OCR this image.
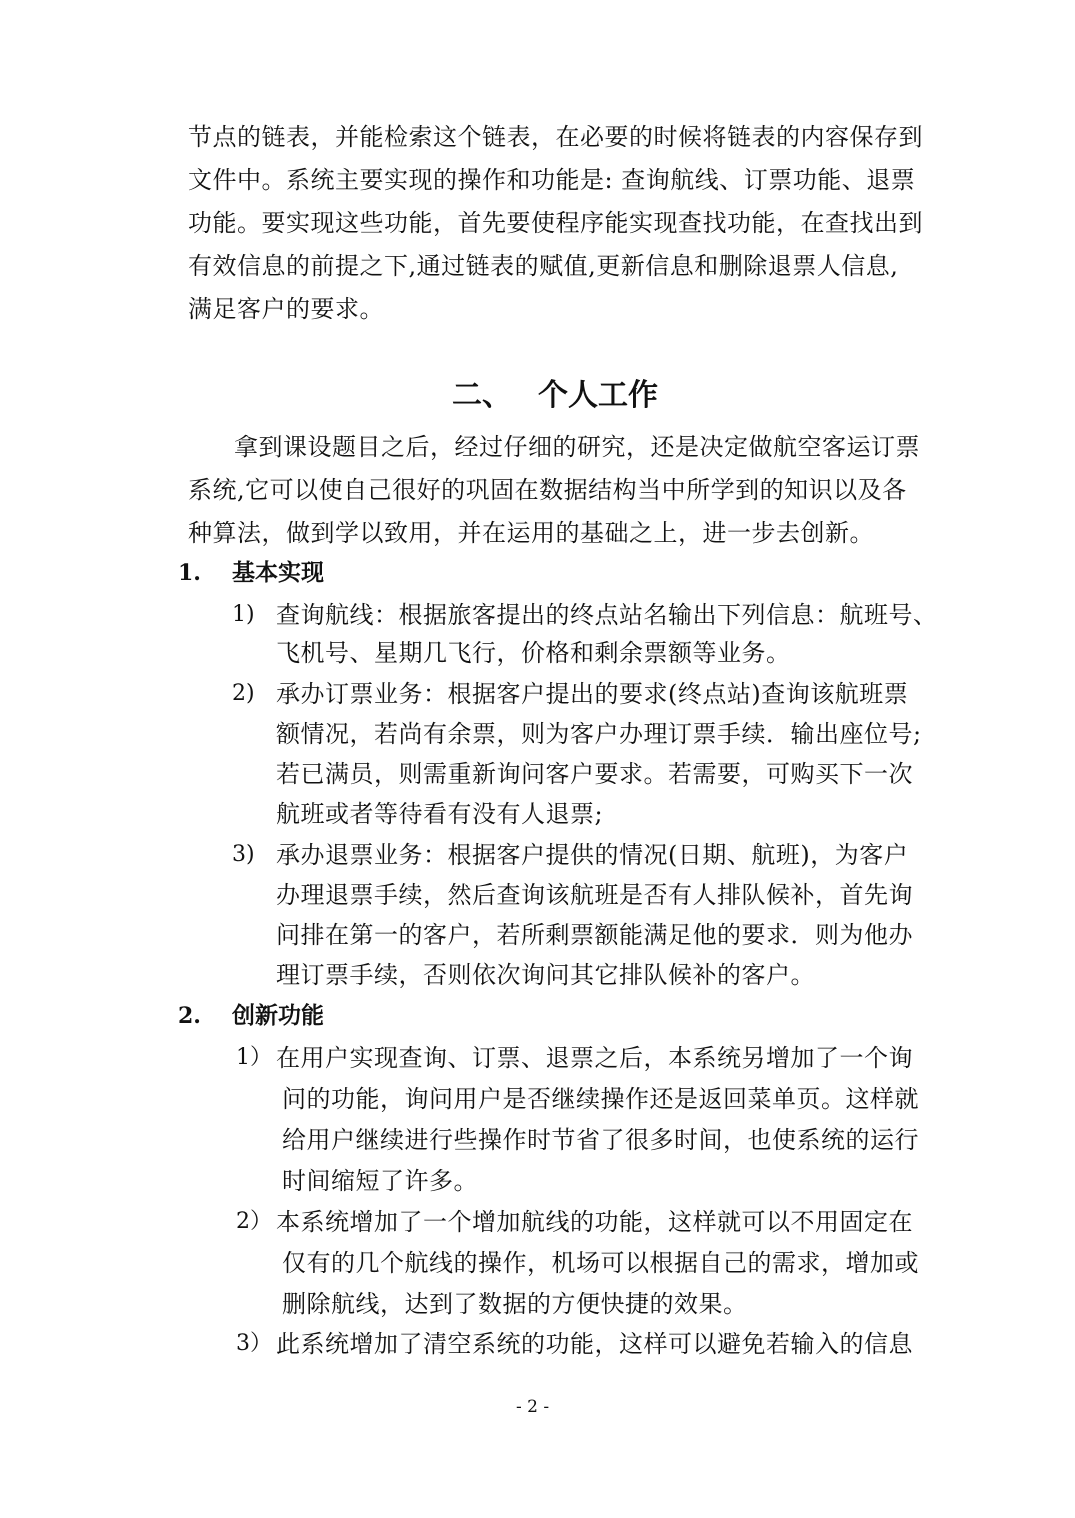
节点的链表，并能检索这个链表，在必要的时候将链表的内容保存到
文件中。系统主要实现的操作和功能是: 查询航线、订票功能、退票
功能。要实现这些功能，首先要使程序能实现查找功能，在查找出到
有效信息的前提之下,通过链表的赋值,更新信息和删除退票人信息,
满足客户的要求。
二、 个人工作
拿到课设题目之后，经过仔细的研究，还是决定做航空客运订票
系统,它可以使自己很好的巩固在数据结构当中所学到的知识以及各
种算法，做到学以致用，并在运用的基础之上，进一步去创新。
1. 基本实现
1) 查询航线：根据旅客提出的终点站名输出下列信息：航班号、
飞机号、星期几飞行，价格和剩余票额等业务。
2) 承办订票业务：根据客户提出的要求(终点站)查询该航班票
额情况，若尚有余票，则为客户办理订票手续．输出座位号;
若已满员，则需重新询问客户要求。若需要，可购买下一次
航班或者等待看有没有人退票;
3) 承办退票业务：根据客户提供的情况(日期、航班)，为客户
办理退票手续，然后查询该航班是否有人排队候补，首先询
问排在第一的客户，若所剩票额能满足他的要求．则为他办
理订票手续，否则依次询问其它排队候补的客户。
2. 创新功能
1） 在用户实现查询、订票、退票之后，本系统另增加了一个询
问的功能，询问用户是否继续操作还是返回菜单页。这样就
给用户继续进行些操作时节省了很多时间，也使系统的运行
时间缩短了许多。
2） 本系统增加了一个增加航线的功能，这样就可以不用固定在
仅有的几个航线的操作，机场可以根据自己的需求，增加或
删除航线，达到了数据的方便快捷的效果。
3） 此系统增加了清空系统的功能，这样可以避免若输入的信息
- 2 -
